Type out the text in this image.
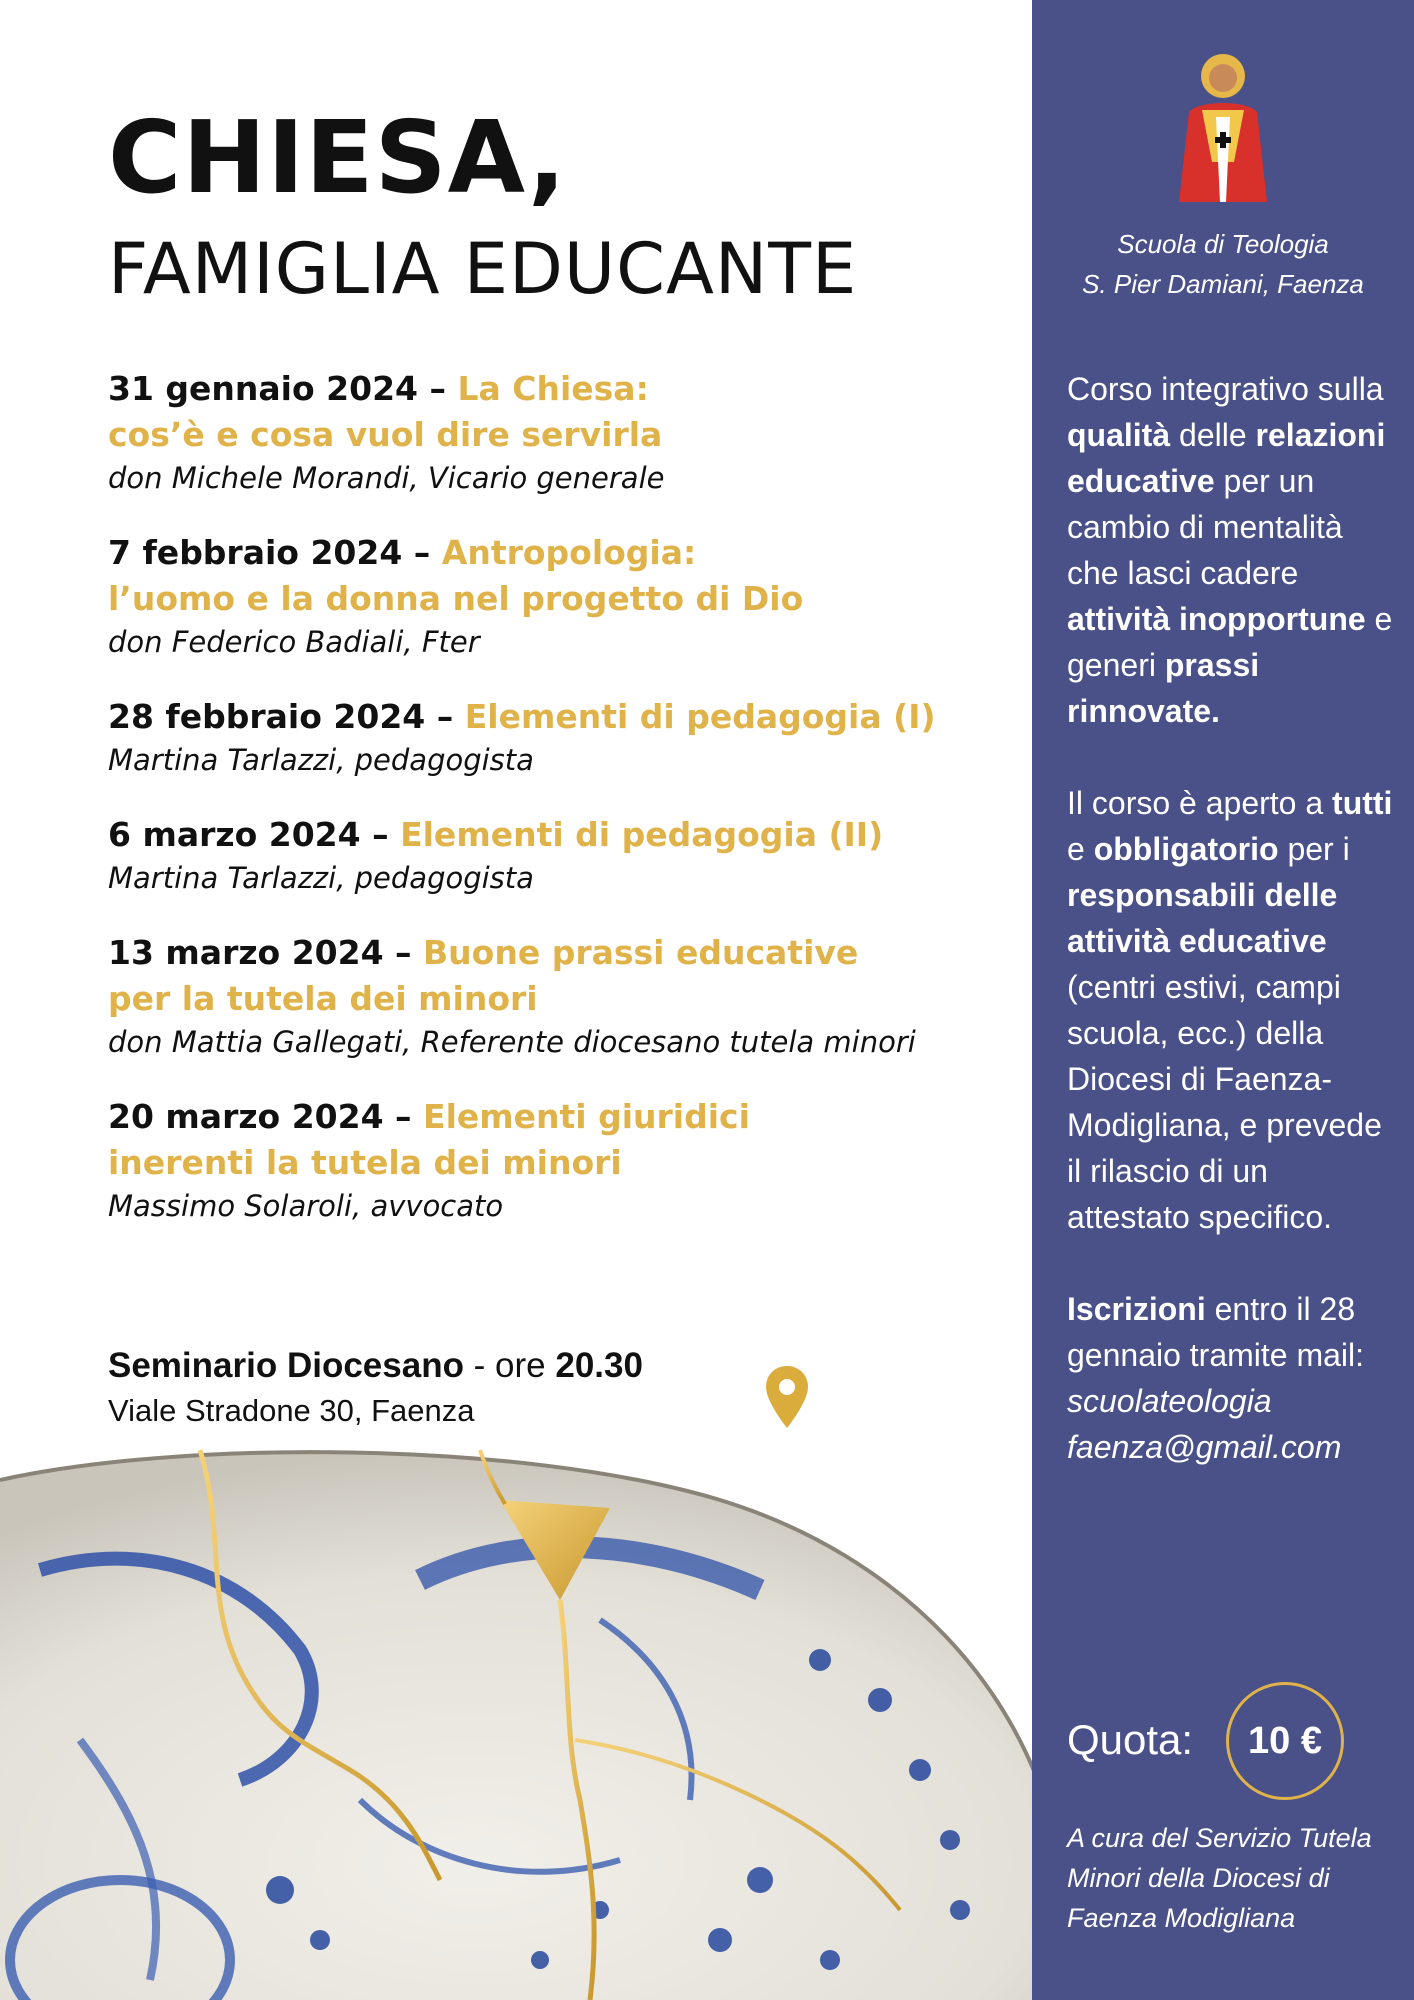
CHIESA,
FAMIGLIA EDUCANTE
31 gennaio 2024 – La Chiesa:
cos’è e cosa vuol dire servirla
don Michele Morandi, Vicario generale
7 febbraio 2024 – Antropologia:
l’uomo e la donna nel progetto di Dio
don Federico Badiali, Fter
28 febbraio 2024 – Elementi di pedagogia (I)
Martina Tarlazzi, pedagogista
6 marzo 2024 – Elementi di pedagogia (II)
Martina Tarlazzi, pedagogista
13 marzo 2024 – Buone prassi educative
per la tutela dei minori
don Mattia Gallegati, Referente diocesano tutela minori
20 marzo 2024 – Elementi giuridici
inerenti la tutela dei minori
Massimo Solaroli, avvocato
Seminario Diocesano - ore 20.30
Viale Stradone 30, Faenza
Scuola di Teologia
S. Pier Damiani, Faenza
Corso integrativo sulla qualità delle relazioni educative per un cambio di mentalità che lasci cadere attività inopportune e generi prassi rinnovate.
Il corso è aperto a tutti e obbligatorio per i responsabili delle attività educative (centri estivi, campi scuola, ecc.) della Diocesi di Faenza-Modigliana, e prevede il rilascio di un attestato specifico.
Iscrizioni entro il 28 gennaio tramite mail:
scuolateologia
faenza@gmail.com
Quota:	10 €
A cura del Servizio Tutela Minori della Diocesi di Faenza Modigliana
